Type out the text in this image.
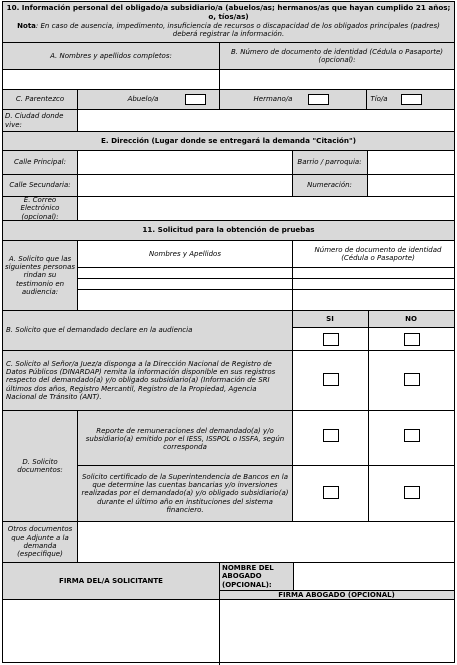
10. Información personal del obligado/a subsidiario/a (abuelos/as; hermanos/as que hayan cumplido 21 años; o, tíos/as)
Nota: En caso de ausencia, impedimento, insuficiencia de recursos o discapacidad de los obligados principales (padres) deberá registrar la información.
A. Nombres y apellidos completos:
B. Número de documento de identidad (Cédula o Pasaporte) (opcional):
C. Parentezco	Abuelo/a	Hermano/a	Tío/a
D. Ciudad donde vive:
E. Dirección (Lugar donde se entregará la demanda "Citación")
Calle Principal:	Barrio / parroquia:
Calle Secundaria:	Numeración:
E. Correo Electrónico (opcional):
11. Solicitud para la obtención de pruebas
A. Solicito que las siguientes personas rindan su testimonio en audiencia:
Nombres y Apellidos
Número de documento de identidad (Cédula o Pasaporte)
B. Solicito que el demandado declare en la audiencia
SI	NO
C. Solicito al Señor/a Juez/a disponga a la Dirección Nacional de Registro de Datos Públicos (DINARDAP) remita la información disponible en sus registros respecto del demandado(a) y/o obligado subsidiario(a) (Información de SRI últimos dos años, Registro Mercantil, Registro de la Propiedad, Agencia Nacional de Tránsito (ANT).
D. Solicito documentos:
Reporte de remuneraciones del demandado(a) y/o subsidiario(a) emitido por el IESS, ISSPOL o ISSFA, según corresponda
Solicito certificado de la Superintendencia de Bancos en la que determine las cuentas bancarias y/o inversiones realizadas por el demandado(a) y/o obligado subsidiario(a) durante el último año en instituciones del sistema financiero.
Otros documentos que Adjunte a la demanda (especifique)
FIRMA DEL/A SOLICITANTE
NOMBRE DEL ABOGADO (OPCIONAL):
FIRMA ABOGADO (OPCIONAL)
